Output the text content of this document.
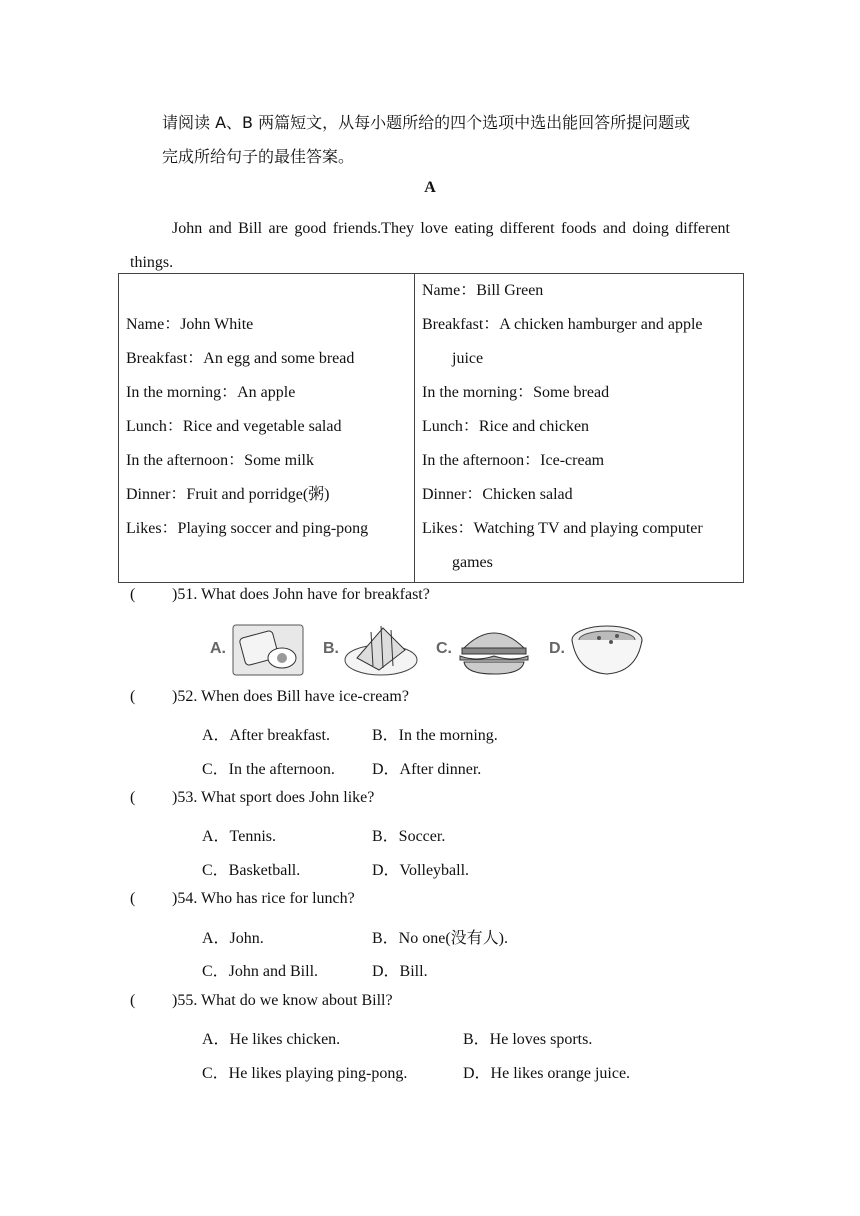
请阅读 A、B 两篇短文，从每小题所给的四个选项中选出能回答所提问题或
完成所给句子的最佳答案。
A
John and Bill are good friends.They love eating different foods and doing different things.
Name：John White
Breakfast：An egg and some bread
In the morning：An apple
Lunch：Rice and vegetable salad
In the afternoon：Some milk
Dinner：Fruit and porridge(粥)
Likes：Playing soccer and ping-pong

Name：Bill Green
Breakfast：A chicken hamburger and apple
juice
In the morning：Some bread
Lunch：Rice and chicken
In the afternoon：Ice-cream
Dinner：Chicken salad
Likes：Watching TV and playing computer
games
( )51. What does John have for breakfast?
A.	B.	C.	D.
( )52. When does Bill have ice-cream?
A．After breakfast.	B．In the morning.
C．In the afternoon. D．After dinner.
( )53. What sport does John like?
A．Tennis.	B．Soccer.
C．Basketball.	D．Volleyball.
( )54. Who has rice for lunch?
A．John.	B．No one(没有人).
C．John and Bill.	D．Bill.
( )55. What do we know about Bill?
A．He likes chicken.	B．He loves sports.
C．He likes playing ping-pong.	D．He likes orange juice.
